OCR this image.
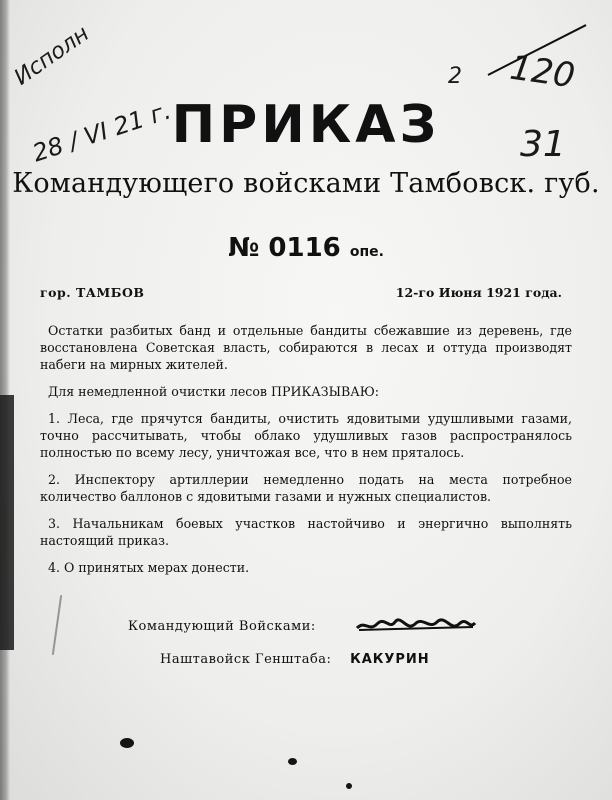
Исполн
28 / VI 21 г.
2 120
31
ПРИКАЗ
Командующего войсками Тамбовск. губ.
№ 0116 опе.
гор. ТАМБОВ	12-го Июня 1921 года.

Остатки разбитых банд и отдельные бандиты сбежавшие из деревень, где восстановлена Советская власть, собираются в лесах и оттуда производят набеги на мирных жителей.

Для немедленной очистки лесов ПРИКАЗЫВАЮ:

1. Леса, где прячутся бандиты, очистить ядовитыми удушливыми газами, точно рассчитывать, чтобы облако удушливых газов распространялось полностью по всему лесу, уничтожая все, что в нем пряталось.

2. Инспектору артиллерии немедленно подать на места потребное количество баллонов с ядовитыми газами и нужных специалистов.

3. Начальникам боевых участков настойчиво и энергично выполнять настоящий приказ.

4. О принятых мерах донести.

Командующий Войсками:
Наштавойск Генштаба: КАКУРИН
